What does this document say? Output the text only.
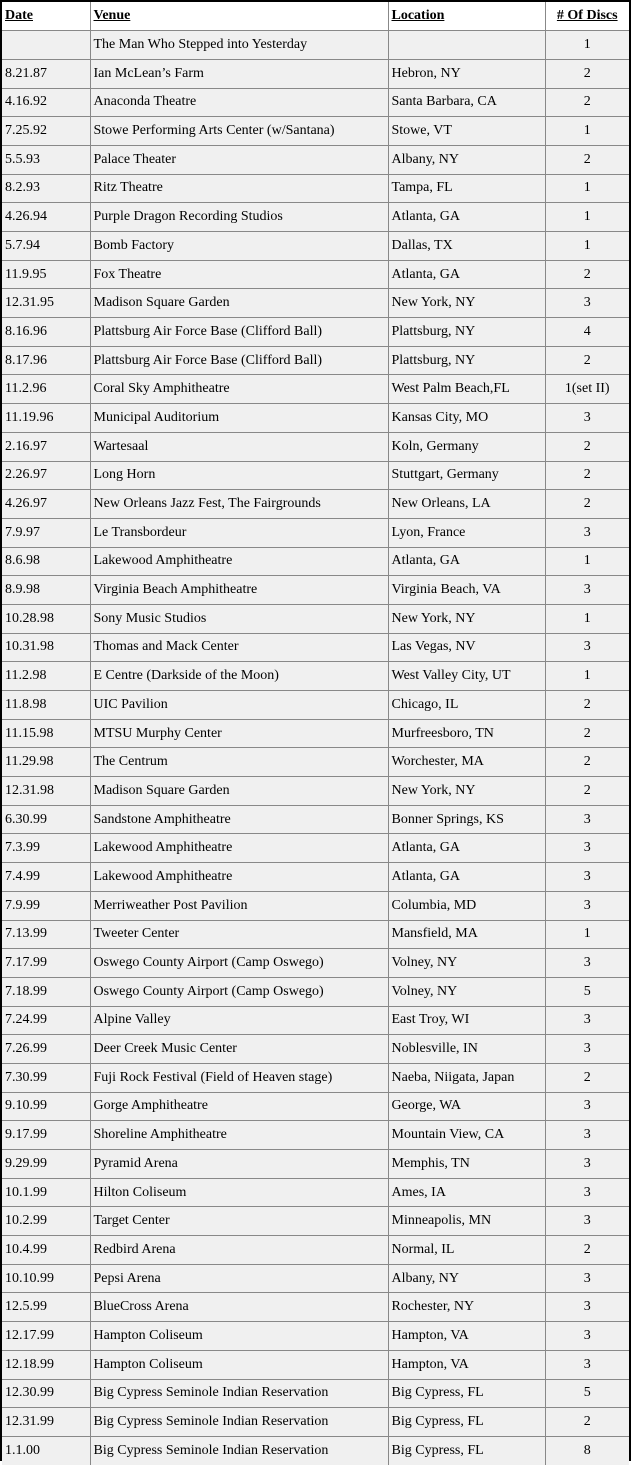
Date	Venue	Location	# Of Discs
	The Man Who Stepped into Yesterday		1
8.21.87	Ian McLean’s Farm	Hebron, NY	2
4.16.92	Anaconda Theatre	Santa Barbara, CA	2
7.25.92	Stowe Performing Arts Center (w/Santana)	Stowe, VT	1
5.5.93	Palace Theater	Albany, NY	2
8.2.93	Ritz Theatre	Tampa, FL	1
4.26.94	Purple Dragon Recording Studios	Atlanta, GA	1
5.7.94	Bomb Factory	Dallas, TX	1
11.9.95	Fox Theatre	Atlanta, GA	2
12.31.95	Madison Square Garden	New York, NY	3
8.16.96	Plattsburg Air Force Base (Clifford Ball)	Plattsburg, NY	4
8.17.96	Plattsburg Air Force Base (Clifford Ball)	Plattsburg, NY	2
11.2.96	Coral Sky Amphitheatre	West Palm Beach,FL	1(set II)
11.19.96	Municipal Auditorium	Kansas City, MO	3
2.16.97	Wartesaal	Koln, Germany	2
2.26.97	Long Horn	Stuttgart, Germany	2
4.26.97	New Orleans Jazz Fest, The Fairgrounds	New Orleans, LA	2
7.9.97	Le Transbordeur	Lyon, France	3
8.6.98	Lakewood Amphitheatre	Atlanta, GA	1
8.9.98	Virginia Beach Amphitheatre	Virginia Beach, VA	3
10.28.98	Sony Music Studios	New York, NY	1
10.31.98	Thomas and Mack Center	Las Vegas, NV	3
11.2.98	E Centre (Darkside of the Moon)	West Valley City, UT	1
11.8.98	UIC Pavilion	Chicago, IL	2
11.15.98	MTSU Murphy Center	Murfreesboro, TN	2
11.29.98	The Centrum	Worchester, MA	2
12.31.98	Madison Square Garden	New York, NY	2
6.30.99	Sandstone Amphitheatre	Bonner Springs, KS	3
7.3.99	Lakewood Amphitheatre	Atlanta, GA	3
7.4.99	Lakewood Amphitheatre	Atlanta, GA	3
7.9.99	Merriweather Post Pavilion	Columbia, MD	3
7.13.99	Tweeter Center	Mansfield, MA	1
7.17.99	Oswego County Airport (Camp Oswego)	Volney, NY	3
7.18.99	Oswego County Airport (Camp Oswego)	Volney, NY	5
7.24.99	Alpine Valley	East Troy, WI	3
7.26.99	Deer Creek Music Center	Noblesville, IN	3
7.30.99	Fuji Rock Festival (Field of Heaven stage)	Naeba, Niigata, Japan	2
9.10.99	Gorge Amphitheatre	George, WA	3
9.17.99	Shoreline Amphitheatre	Mountain View, CA	3
9.29.99	Pyramid Arena	Memphis, TN	3
10.1.99	Hilton Coliseum	Ames, IA	3
10.2.99	Target Center	Minneapolis, MN	3
10.4.99	Redbird Arena	Normal, IL	2
10.10.99	Pepsi Arena	Albany, NY	3
12.5.99	BlueCross Arena	Rochester, NY	3
12.17.99	Hampton Coliseum	Hampton, VA	3
12.18.99	Hampton Coliseum	Hampton, VA	3
12.30.99	Big Cypress Seminole Indian Reservation	Big Cypress, FL	5
12.31.99	Big Cypress Seminole Indian Reservation	Big Cypress, FL	2
1.1.00	Big Cypress Seminole Indian Reservation	Big Cypress, FL	8
